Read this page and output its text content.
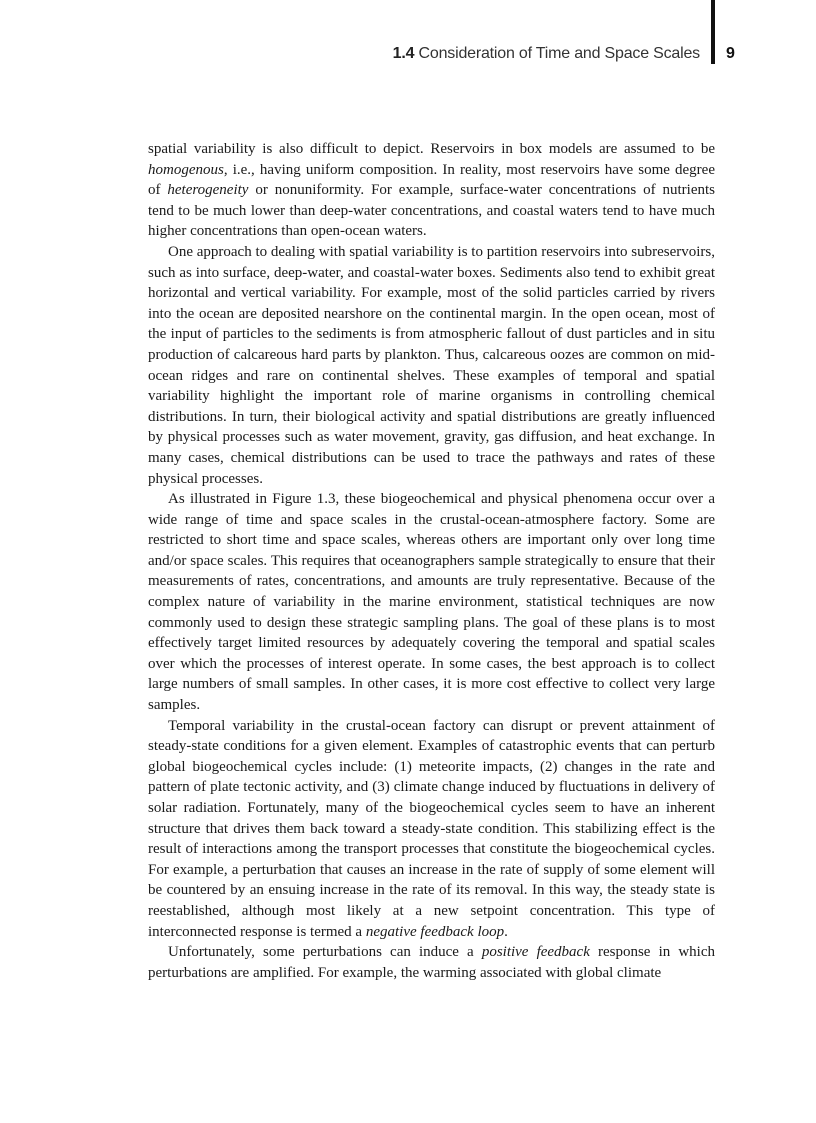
1.4 Consideration of Time and Space Scales 9

spatial variability is also difficult to depict. Reservoirs in box models are assumed to be homogenous, i.e., having uniform composition. In reality, most reservoirs have some degree of heterogeneity or nonuniformity. For example, surface-water concentrations of nutrients tend to be much lower than deep-water concentrations, and coastal waters tend to have much higher concentrations than open-ocean waters.

One approach to dealing with spatial variability is to partition reservoirs into subreservoirs, such as into surface, deep-water, and coastal-water boxes. Sediments also tend to exhibit great horizontal and vertical variability. For example, most of the solid particles carried by rivers into the ocean are deposited nearshore on the continental margin. In the open ocean, most of the input of particles to the sediments is from atmospheric fallout of dust particles and in situ production of calcareous hard parts by plankton. Thus, calcareous oozes are common on mid-ocean ridges and rare on continental shelves. These examples of temporal and spatial variability highlight the important role of marine organisms in controlling chemical distributions. In turn, their biological activity and spatial distributions are greatly influenced by physical processes such as water movement, gravity, gas diffusion, and heat exchange. In many cases, chemical distributions can be used to trace the pathways and rates of these physical processes.

As illustrated in Figure 1.3, these biogeochemical and physical phenomena occur over a wide range of time and space scales in the crustal-ocean-atmosphere factory. Some are restricted to short time and space scales, whereas others are important only over long time and/or space scales. This requires that oceanographers sample strategically to ensure that their measurements of rates, concentrations, and amounts are truly representative. Because of the complex nature of variability in the marine environment, statistical techniques are now commonly used to design these strategic sampling plans. The goal of these plans is to most effectively target limited resources by adequately covering the temporal and spatial scales over which the processes of interest operate. In some cases, the best approach is to collect large numbers of small samples. In other cases, it is more cost effective to collect very large samples.

Temporal variability in the crustal-ocean factory can disrupt or prevent attainment of steady-state conditions for a given element. Examples of catastrophic events that can perturb global biogeochemical cycles include: (1) meteorite impacts, (2) changes in the rate and pattern of plate tectonic activity, and (3) climate change induced by fluctuations in delivery of solar radiation. Fortunately, many of the biogeochemical cycles seem to have an inherent structure that drives them back toward a steady-state condition. This stabilizing effect is the result of interactions among the transport processes that constitute the biogeochemical cycles. For example, a perturbation that causes an increase in the rate of supply of some element will be countered by an ensuing increase in the rate of its removal. In this way, the steady state is reestablished, although most likely at a new setpoint concentration. This type of interconnected response is termed a negative feedback loop.

Unfortunately, some perturbations can induce a positive feedback response in which perturbations are amplified. For example, the warming associated with global climate
